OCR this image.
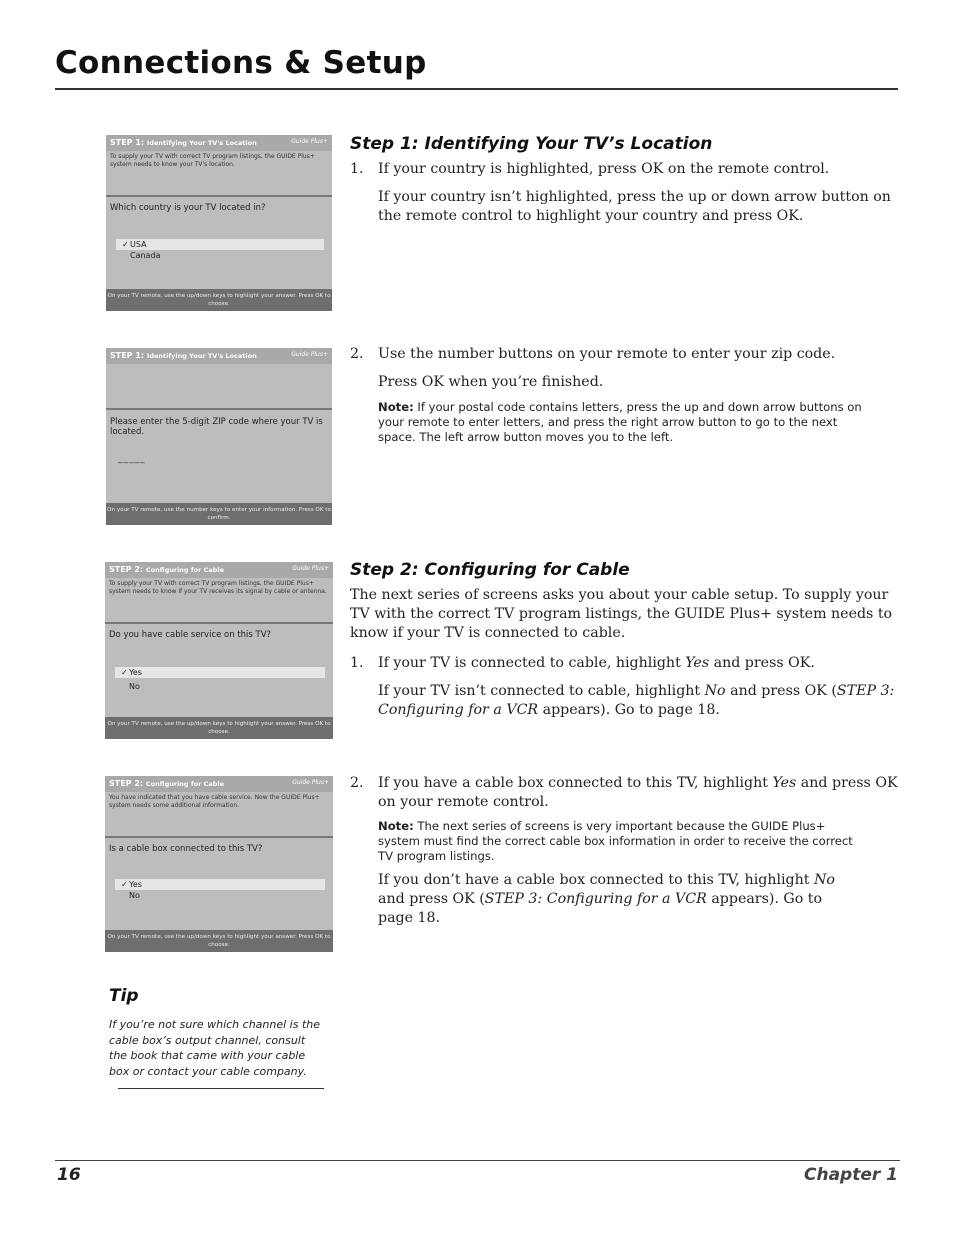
Connections & Setup
STEP 1: Identifying Your TV's Location	Guide Plus+
To supply your TV with correct TV program listings, the GUIDE Plus+ system needs to know your TV's location.
Which country is your TV located in?
✓USA
Canada
On your TV remote, use the up/down keys to highlight your answer. Press OK to choose.
Step 1: Identifying Your TV’s Location
1. If your country is highlighted, press OK on the remote control.

If your country isn’t highlighted, press the up or down arrow button on the remote control to highlight your country and press OK.

STEP 1: Identifying Your TV's Location	Guide Plus+
Please enter the 5-digit ZIP code where your TV is located.
_____
On your TV remote, use the number keys to enter your information. Press OK to confirm.
2. Use the number buttons on your remote to enter your zip code.

Press OK when you’re finished.

Note: If your postal code contains letters, press the up and down arrow buttons on your remote to enter letters, and press the right arrow button to go to the next space. The left arrow button moves you to the left.

STEP 2: Configuring for Cable	Guide Plus+
To supply your TV with correct TV program listings, the GUIDE Plus+ system needs to know if your TV receives its signal by cable or antenna.
Do you have cable service on this TV?
✓Yes
No
On your TV remote, use the up/down keys to highlight your answer. Press OK to choose.
Step 2: Configuring for Cable

The next series of screens asks you about your cable setup. To supply your TV with the correct TV program listings, the GUIDE Plus+ system needs to know if your TV is connected to cable.

1. If your TV is connected to cable, highlight Yes and press OK.

If your TV isn’t connected to cable, highlight No and press OK (STEP 3: Configuring for a VCR appears). Go to page 18.

STEP 2: Configuring for Cable	Guide Plus+
You have indicated that you have cable service. Now the GUIDE Plus+ system needs some additional information.
Is a cable box connected to this TV?
✓Yes
No
On your TV remote, use the up/down keys to highlight your answer. Press OK to choose.
2. If you have a cable box connected to this TV, highlight Yes and press OK on your remote control.

Note: The next series of screens is very important because the GUIDE Plus+ system must find the correct cable box information in order to receive the correct TV program listings.

If you don’t have a cable box connected to this TV, highlight No and press OK (STEP 3: Configuring for a VCR appears). Go to page 18.

Tip

If you’re not sure which channel is the cable box’s output channel, consult the book that came with your cable box or contact your cable company.

16	Chapter 1
